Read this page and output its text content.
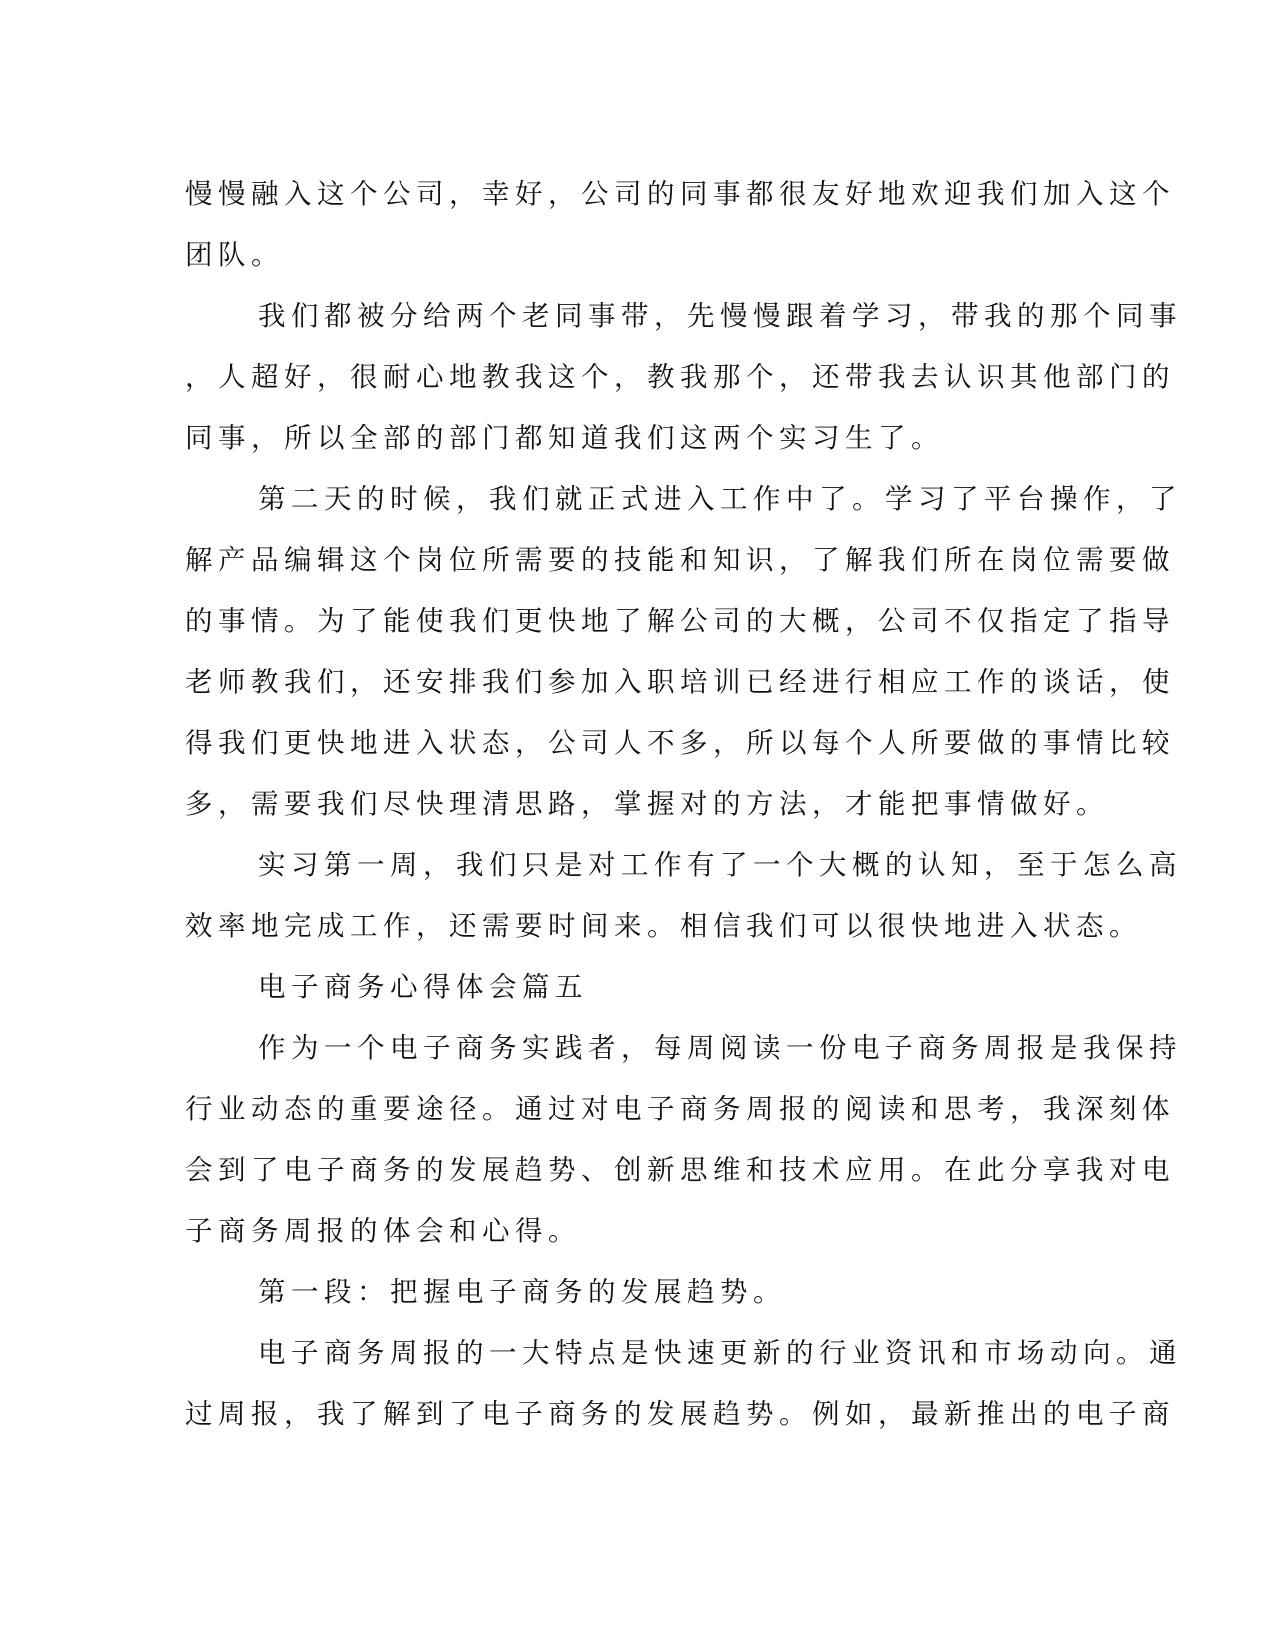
慢慢融入这个公司，幸好，公司的同事都很友好地欢迎我们加入这个
团队。
我们都被分给两个老同事带，先慢慢跟着学习，带我的那个同事
，人超好，很耐心地教我这个，教我那个，还带我去认识其他部门的
同事，所以全部的部门都知道我们这两个实习生了。
第二天的时候，我们就正式进入工作中了。学习了平台操作，了
解产品编辑这个岗位所需要的技能和知识，了解我们所在岗位需要做
的事情。为了能使我们更快地了解公司的大概，公司不仅指定了指导
老师教我们，还安排我们参加入职培训已经进行相应工作的谈话，使
得我们更快地进入状态，公司人不多，所以每个人所要做的事情比较
多，需要我们尽快理清思路，掌握对的方法，才能把事情做好。
实习第一周，我们只是对工作有了一个大概的认知，至于怎么高
效率地完成工作，还需要时间来。相信我们可以很快地进入状态。
电子商务心得体会篇五
作为一个电子商务实践者，每周阅读一份电子商务周报是我保持
行业动态的重要途径。通过对电子商务周报的阅读和思考，我深刻体
会到了电子商务的发展趋势、创新思维和技术应用。在此分享我对电
子商务周报的体会和心得。
第一段：把握电子商务的发展趋势。
电子商务周报的一大特点是快速更新的行业资讯和市场动向。通
过周报，我了解到了电子商务的发展趋势。例如，最新推出的电子商
